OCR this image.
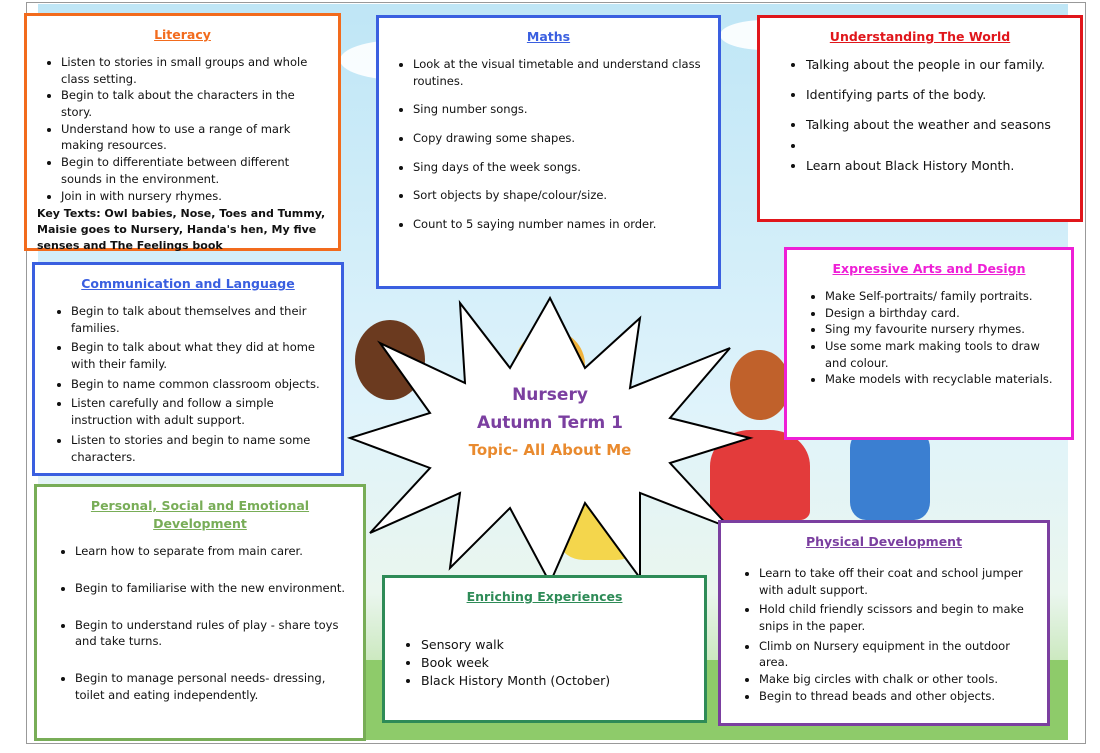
Nursery
Autumn Term 1
Topic- All About Me
Literacy
• Listen to stories in small groups and whole class setting.
• Begin to talk about the characters in the story.
• Understand how to use a range of mark making resources.
• Begin to differentiate between different sounds in the environment.
• Join in with nursery rhymes.
Key Texts: Owl babies, Nose, Toes and Tummy, Maisie goes to Nursery, Handa's hen, My five senses and The Feelings book
Maths
• Look at the visual timetable and understand class routines.
• Sing number songs.
• Copy drawing some shapes.
• Sing days of the week songs.
• Sort objects by shape/colour/size.
• Count to 5 saying number names in order.
Understanding The World
• Talking about the people in our family.
• Identifying parts of the body.
• Talking about the weather and seasons
•
• Learn about Black History Month.
Communication and Language
• Begin to talk about themselves and their families.
• Begin to talk about what they did at home with their family.
• Begin to name common classroom objects.
• Listen carefully and follow a simple instruction with adult support.
• Listen to stories and begin to name some characters.
Expressive Arts and Design
• Make Self-portraits/ family portraits.
• Design a birthday card.
• Sing my favourite nursery rhymes.
• Use some mark making tools to draw and colour.
• Make models with recyclable materials.
Personal, Social and Emotional Development
• Learn how to separate from main carer.
• Begin to familiarise with the new environment.
• Begin to understand rules of play - share toys and take turns.
• Begin to manage personal needs- dressing, toilet and eating independently.
Enriching Experiences
• Sensory walk
• Book week
• Black History Month (October)
Physical Development
• Learn to take off their coat and school jumper with adult support.
• Hold child friendly scissors and begin to make snips in the paper.
• Climb on Nursery equipment in the outdoor area.
• Make big circles with chalk or other tools.
• Begin to thread beads and other objects.
